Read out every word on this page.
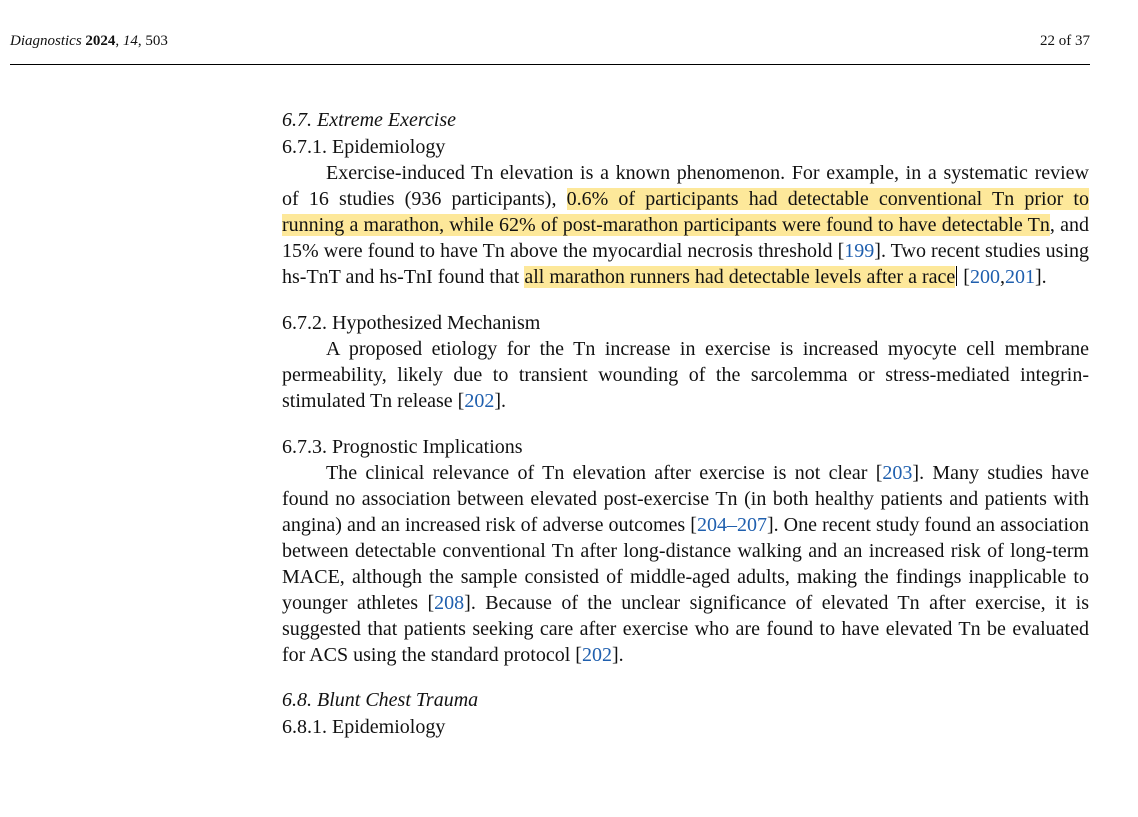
Diagnostics 2024, 14, 503	22 of 37
6.7. Extreme Exercise
6.7.1. Epidemiology

Exercise-induced Tn elevation is a known phenomenon. For example, in a systematic review of 16 studies (936 participants), 0.6% of participants had detectable conventional Tn prior to running a marathon, while 62% of post-marathon participants were found to have detectable Tn, and 15% were found to have Tn above the myocardial necrosis threshold [199]. Two recent studies using hs-TnT and hs-TnI found that all marathon runners had detectable levels after a race [200,201].

6.7.2. Hypothesized Mechanism

A proposed etiology for the Tn increase in exercise is increased myocyte cell membrane permeability, likely due to transient wounding of the sarcolemma or stress-mediated integrin-stimulated Tn release [202].

6.7.3. Prognostic Implications

The clinical relevance of Tn elevation after exercise is not clear [203]. Many studies have found no association between elevated post-exercise Tn (in both healthy patients and patients with angina) and an increased risk of adverse outcomes [204–207]. One recent study found an association between detectable conventional Tn after long-distance walking and an increased risk of long-term MACE, although the sample consisted of middle-aged adults, making the findings inapplicable to younger athletes [208]. Because of the unclear significance of elevated Tn after exercise, it is suggested that patients seeking care after exercise who are found to have elevated Tn be evaluated for ACS using the standard protocol [202].

6.8. Blunt Chest Trauma
6.8.1. Epidemiology
